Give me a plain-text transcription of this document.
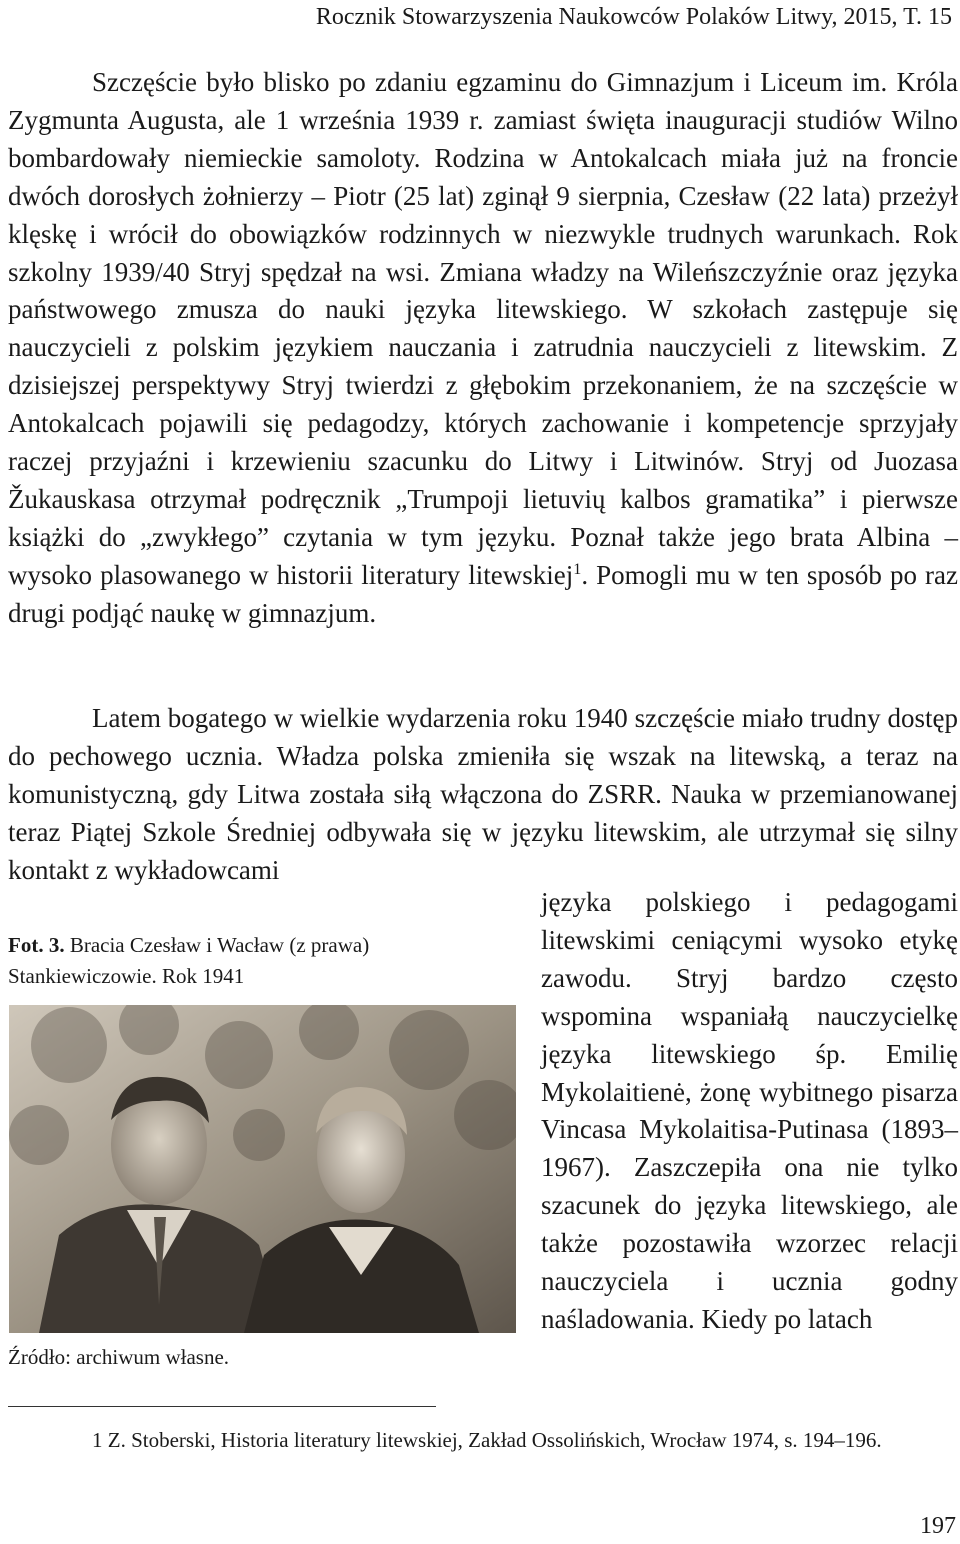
Rocznik Stowarzyszenia Naukowców Polaków Litwy, 2015, T. 15

Szczęście było blisko po zdaniu egzaminu do Gimnazjum i Liceum im. Króla Zygmunta Augusta, ale 1 września 1939 r. zamiast święta inauguracji studiów Wilno bombardowały niemieckie samoloty. Rodzina w Antokalcach miała już na froncie dwóch dorosłych żołnierzy – Piotr (25 lat) zginął 9 sierpnia, Czesław (22 lata) przeżył klęskę i wrócił do obowiązków rodzinnych w niezwykle trudnych warunkach. Rok szkolny 1939/40 Stryj spędzał na wsi. Zmiana władzy na Wileńszczyźnie oraz języka państwowego zmusza do nauki języka litewskiego. W szkołach zastępuje się nauczycieli z polskim językiem nauczania i zatrudnia nauczycieli z litewskim. Z dzisiejszej perspektywy Stryj twierdzi z głębokim przekonaniem, że na szczęście w Antokalcach pojawili się pedagodzy, których zachowanie i kompetencje sprzyjały raczej przyjaźni i krzewieniu szacunku do Litwy i Litwinów. Stryj od Juozasa Žukauskasa otrzymał podręcznik „Trumpoji lietuvių kalbos gramatika” i pierwsze książki do „zwykłego” czytania w tym języku. Poznał także jego brata Albina – wysoko plasowanego w historii literatury litewskiej$^1$. Pomogli mu w ten sposób po raz drugi podjąć naukę w gimnazjum.

Latem bogatego w wielkie wydarzenia roku 1940 szczęście miało trudny dostęp do pechowego ucznia. Władza polska zmieniła się wszak na litewską, a teraz na komunistyczną, gdy Litwa została siłą włączona do ZSRR. Nauka w przemianowanej teraz Piątej Szkole Średniej odbywała się w języku litewskim, ale utrzymał się silny kontakt z wykładowcami

języka polskiego i pedagogami litewskimi ceniącymi wysoko etykę zawodu. Stryj bardzo często wspomina wspaniałą nauczycielkę języka litewskiego śp. Emilię Mykolaitienė, żonę wybitnego pisarza Vincasa Mykolaitisa-Putinasa (1893–1967). Zaszczepiła ona nie tylko szacunek do języka litewskiego, ale także pozostawiła wzorzec relacji nauczyciela i ucznia godny naśladowania. Kiedy po latach

Fot. 3. Bracia Czesław i Wacław (z prawa) Stankiewiczowie. Rok 1941

Źródło: archiwum własne.

1 Z. Stoberski, Historia literatury litewskiej, Zakład Ossolińskich, Wrocław 1974, s. 194–196.

197
